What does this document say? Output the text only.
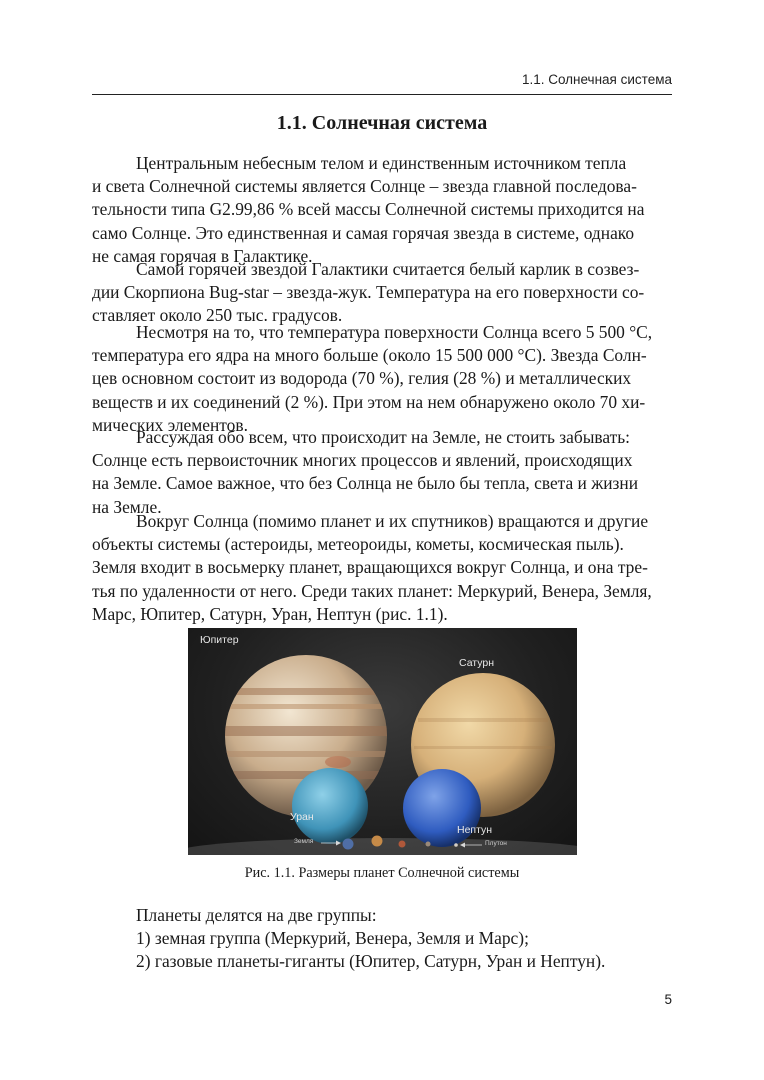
1.1. Солнечная система
1.1. Солнечная система

Центральным небесным телом и единственным источником тепла
и света Солнечной системы является Солнце – звезда главной последова-
тельности типа G2.99,86 % всей массы Солнечной системы приходится на
само Солнце. Это единственная и самая горячая звезда в системе, однако
не самая горячая в Галактике.

Самой горячей звездой Галактики считается белый карлик в созвез-
дии Скорпиона Bug-star – звезда-жук. Температура на его поверхности со-
ставляет около 250 тыс. градусов.

Несмотря на то, что температура поверхности Солнца всего 5 500 °С,
температура его ядра на много больше (около 15 500 000 °С). Звезда Солн-
цев основном состоит из водорода (70 %), гелия (28 %) и металлических
веществ и их соединений (2 %). При этом на нем обнаружено около 70 хи-
мических элементов.

Рассуждая обо всем, что происходит на Земле, не стоить забывать:
Солнце есть первоисточник многих процессов и явлений, происходящих
на Земле. Самое важное, что без Солнца не было бы тепла, света и жизни
на Земле.

Вокруг Солнца (помимо планет и их спутников) вращаются и другие
объекты системы (астероиды, метеороиды, кометы, космическая пыль).
Земля входит в восьмерку планет, вращающихся вокруг Солнца, и она тре-
тья по удаленности от него. Среди таких планет: Меркурий, Венера, Земля,
Марс, Юпитер, Сатурн, Уран, Нептун (рис. 1.1).

Юпитер
Сатурн
Уран
Нептун
Земля	Плутон
Рис. 1.1. Размеры планет Солнечной системы
Планеты делятся на две группы:
1) земная группа (Меркурий, Венера, Земля и Марс);
2) газовые планеты-гиганты (Юпитер, Сатурн, Уран и Нептун).
5
